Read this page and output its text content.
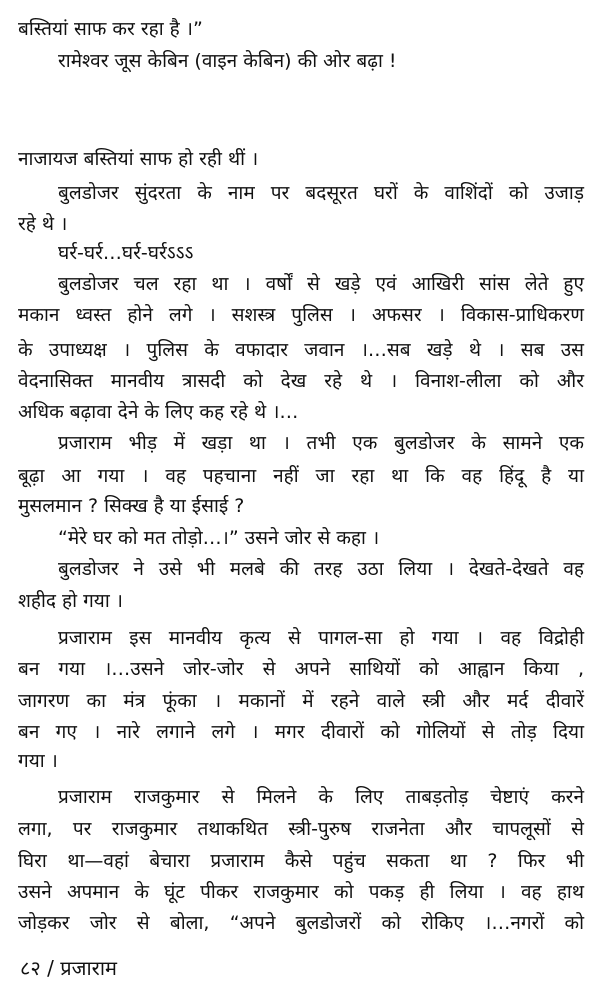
बस्तियां साफ कर रहा है ।”

रामेश्वर जूस केबिन (वाइन केबिन) की ओर बढ़ा !

नाजायज बस्तियां साफ हो रही थीं ।

बुलडोजर सुंदरता के नाम पर बदसूरत घरों के वाशिंदों को उजाड़

रहे थे ।

घर्र-घर्र…घर्र-घर्रऽऽऽ

बुलडोजर चल रहा था । वर्षों से खड़े एवं आखिरी सांस लेते हुए

मकान ध्वस्त होने लगे । सशस्त्र पुलिस । अफसर । विकास-प्राधिकरण

के उपाध्यक्ष । पुलिस के वफादार जवान ।…सब खड़े थे । सब उस

वेदनासिक्त मानवीय त्रासदी को देख रहे थे । विनाश-लीला को और

अधिक बढ़ावा देने के लिए कह रहे थे ।…

प्रजाराम भीड़ में खड़ा था । तभी एक बुलडोजर के सामने एक

बूढ़ा आ गया । वह पहचाना नहीं जा रहा था कि वह हिंदू है या

मुसलमान ? सिक्ख है या ईसाई ?

“मेरे घर को मत तोड़ो…।” उसने जोर से कहा ।

बुलडोजर ने उसे भी मलबे की तरह उठा लिया । देखते-देखते वह

शहीद हो गया ।

प्रजाराम इस मानवीय कृत्य से पागल-सा हो गया । वह विद्रोही

बन गया ।…उसने जोर-जोर से अपने साथियों को आह्वान किया ,

जागरण का मंत्र फूंका । मकानों में रहने वाले स्त्री और मर्द दीवारें

बन गए । नारे लगाने लगे । मगर दीवारों को गोलियों से तोड़ दिया

गया ।

प्रजाराम राजकुमार से मिलने के लिए ताबड़तोड़ चेष्टाएं करने

लगा, पर राजकुमार तथाकथित स्त्री-पुरुष राजनेता और चापलूसों से

घिरा था—वहां बेचारा प्रजाराम कैसे पहुंच सकता था ? फिर भी

उसने अपमान के घूंट पीकर राजकुमार को पकड़ ही लिया । वह हाथ

जोड़कर जोर से बोला, “अपने बुलडोजरों को रोकिए ।…नगरों को

८२ / प्रजाराम
